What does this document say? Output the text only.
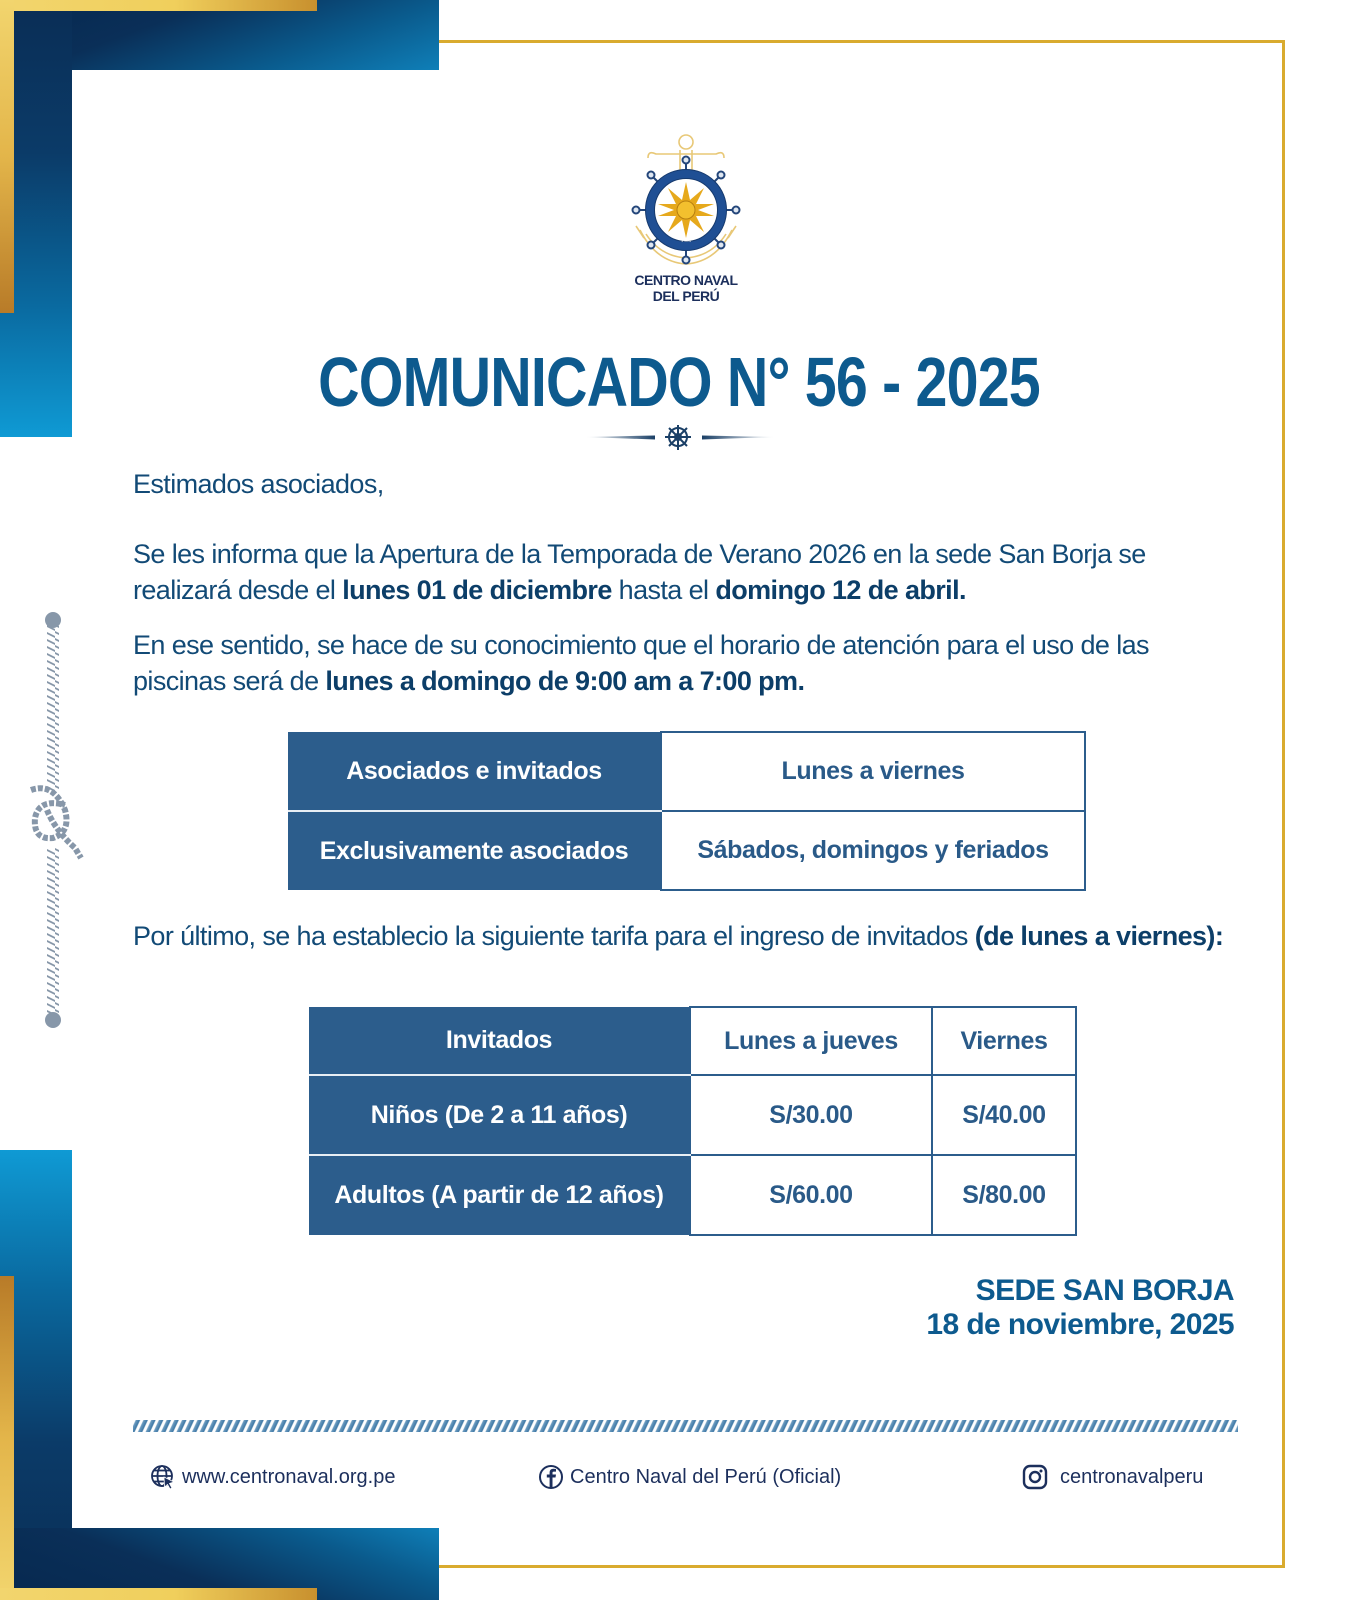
1908
CENTRO NAVAL
DEL PERÚ
COMUNICADO N° 56 - 2025
Estimados asociados,
Se les informa que la Apertura de la Temporada de Verano 2026 en la sede San Borja se realizará desde el lunes 01 de diciembre hasta el domingo 12 de abril.
En ese sentido, se hace de su conocimiento que el horario de atención para el uso de las piscinas será de lunes a domingo de 9:00 am a 7:00 pm.
Asociados e invitados	Lunes a viernes
Exclusivamente asociados	Sábados, domingos y feriados
Por último, se ha establecio la siguiente tarifa para el ingreso de invitados (de lunes a viernes):
Invitados	Lunes a jueves	Viernes
Niños (De 2 a 11 años)	S/30.00	S/40.00
Adultos (A partir de 12 años)	S/60.00	S/80.00
SEDE SAN BORJA
18 de noviembre, 2025
www.centronaval.org.pe	Centro Naval del Perú (Oficial)	centronavalperu
